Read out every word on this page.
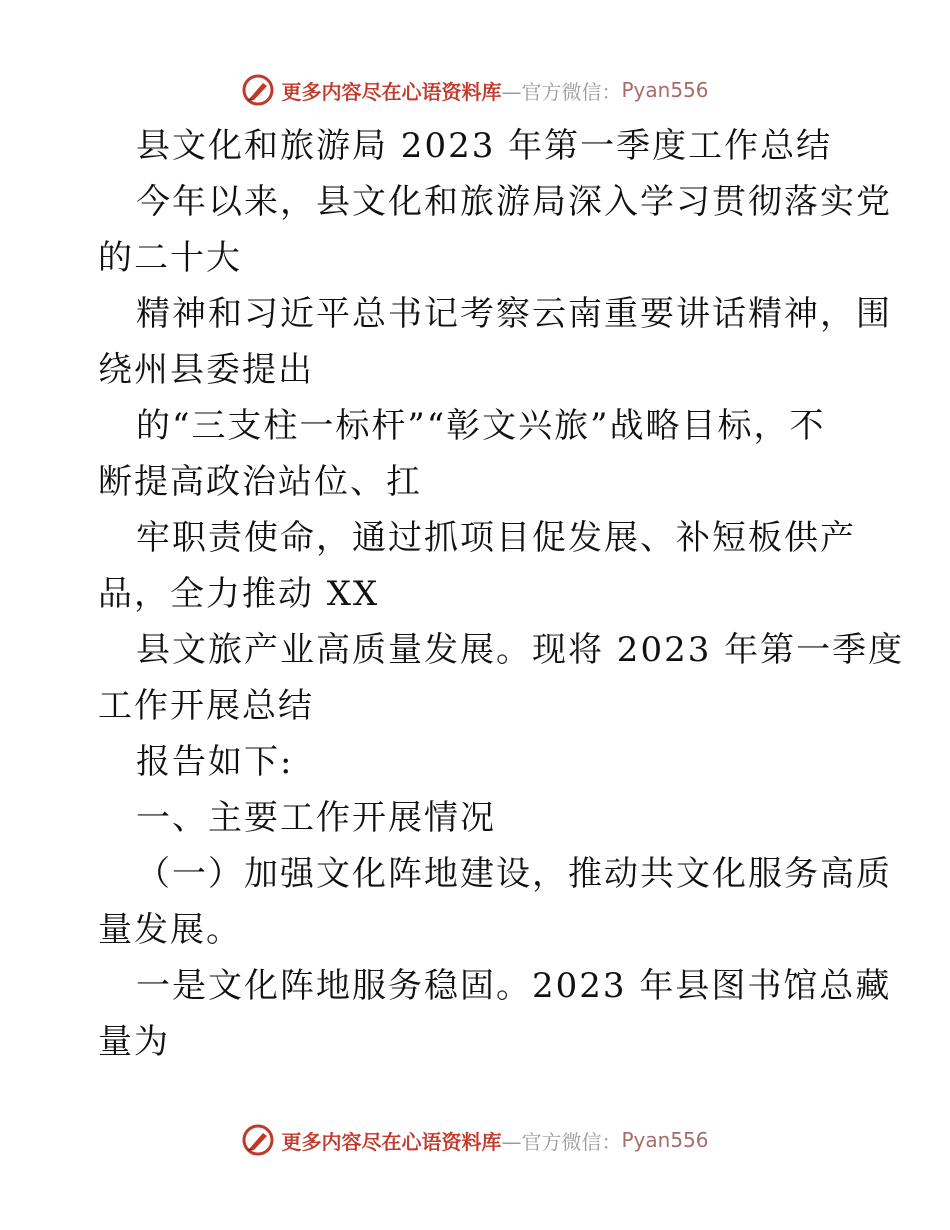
更多内容尽在心语资料库 —官方微信： Pyan556
县文化和旅游局 2023 年第一季度工作总结
今年以来，县文化和旅游局深入学习贯彻落实党
的二十大
精神和习近平总书记考察云南重要讲话精神，围
绕州县委提出
的“三支柱一标杆”“彰文兴旅”战略目标，不
断提高政治站位、扛
牢职责使命，通过抓项目促发展、补短板供产
品，全力推动 XX
县文旅产业高质量发展。现将 2023 年第一季度
工作开展总结
报告如下:
一、主要工作开展情况
（一）加强文化阵地建设，推动共文化服务高质
量发展。
一是文化阵地服务稳固。2023 年县图书馆总藏
量为
更多内容尽在心语资料库 —官方微信： Pyan556
